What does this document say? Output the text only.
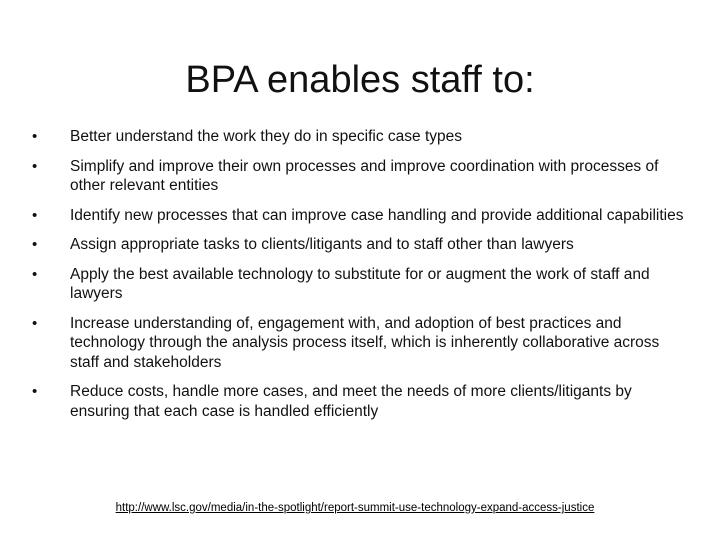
BPA enables staff to:
• Better understand the work they do in specific case types
• Simplify and improve their own processes and improve coordination with processes of other relevant entities
• Identify new processes that can improve case handling and provide additional capabilities
• Assign appropriate tasks to clients/litigants and to staff other than lawyers
• Apply the best available technology to substitute for or augment the work of staff and lawyers
• Increase understanding of, engagement with, and adoption of best practices and technology through the analysis process itself, which is inherently collaborative across staff and stakeholders
• Reduce costs, handle more cases, and meet the needs of more clients/litigants by ensuring that each case is handled efficiently
http://www.lsc.gov/media/in-the-spotlight/report-summit-use-technology-expand-access-justice
